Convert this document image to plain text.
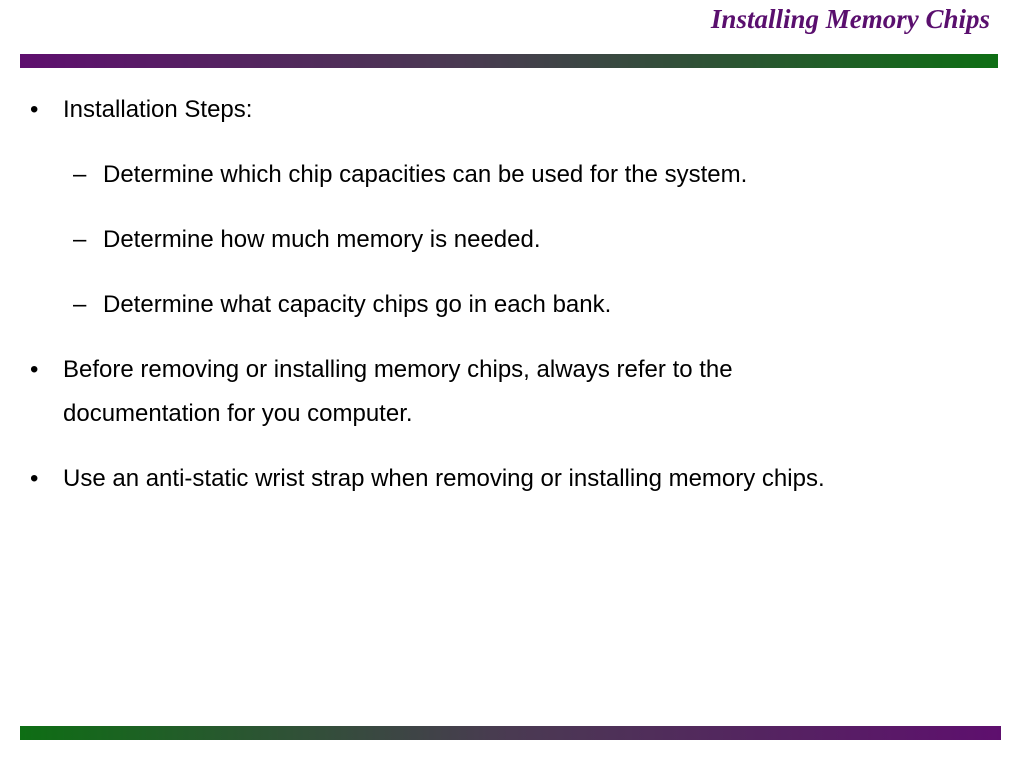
Installing Memory Chips
• Installation Steps:
– Determine which chip capacities can be used for the system.
– Determine how much memory is needed.
– Determine what capacity chips go in each bank.
• Before removing or installing memory chips, always refer to the
documentation for you computer.
• Use an anti-static wrist strap when removing or installing memory chips.
